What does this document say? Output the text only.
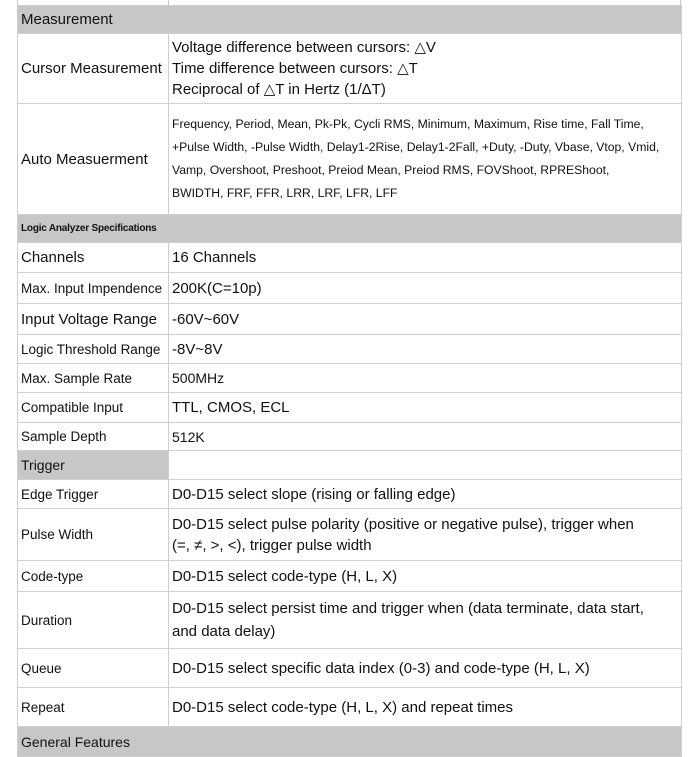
Measurement	
Cursor Measurement	Voltage difference between cursors: △V
Time difference between cursors: △T
Reciprocal of △T in Hertz (1/ΔT)

Auto Measuerment	Frequency, Period, Mean, Pk-Pk, Cycli RMS, Minimum, Maximum, Rise time, Fall Time,
+Pulse Width, -Pulse Width, Delay1-2Rise, Delay1-2Fall, +Duty, -Duty, Vbase, Vtop, Vmid,
Vamp, Overshoot, Preshoot, Preiod Mean, Preiod RMS, FOVShoot, RPREShoot,
BWIDTH, FRF, FFR, LRR, LRF, LFR, LFF

Logic Analyzer Specifications	
Channels	16 Channels
Max. Input Impendence	200K(C=10p)
Input Voltage Range	-60V~60V
Logic Threshold Range	-8V~8V
Max. Sample Rate	500MHz
Compatible Input	TTL, CMOS, ECL
Sample Depth	512K
Trigger	
Edge Trigger	D0-D15 select slope (rising or falling edge)
Pulse Width	D0-D15 select pulse polarity (positive or negative pulse), trigger when
(=, ≠, >, <), trigger pulse width

Code-type	D0-D15 select code-type (H, L, X)
Duration	D0-D15 select persist time and trigger when (data terminate, data start,
and data delay)

Queue	D0-D15 select specific data index (0-3) and code-type (H, L, X)
Repeat	D0-D15 select code-type (H, L, X) and repeat times
General Features	
